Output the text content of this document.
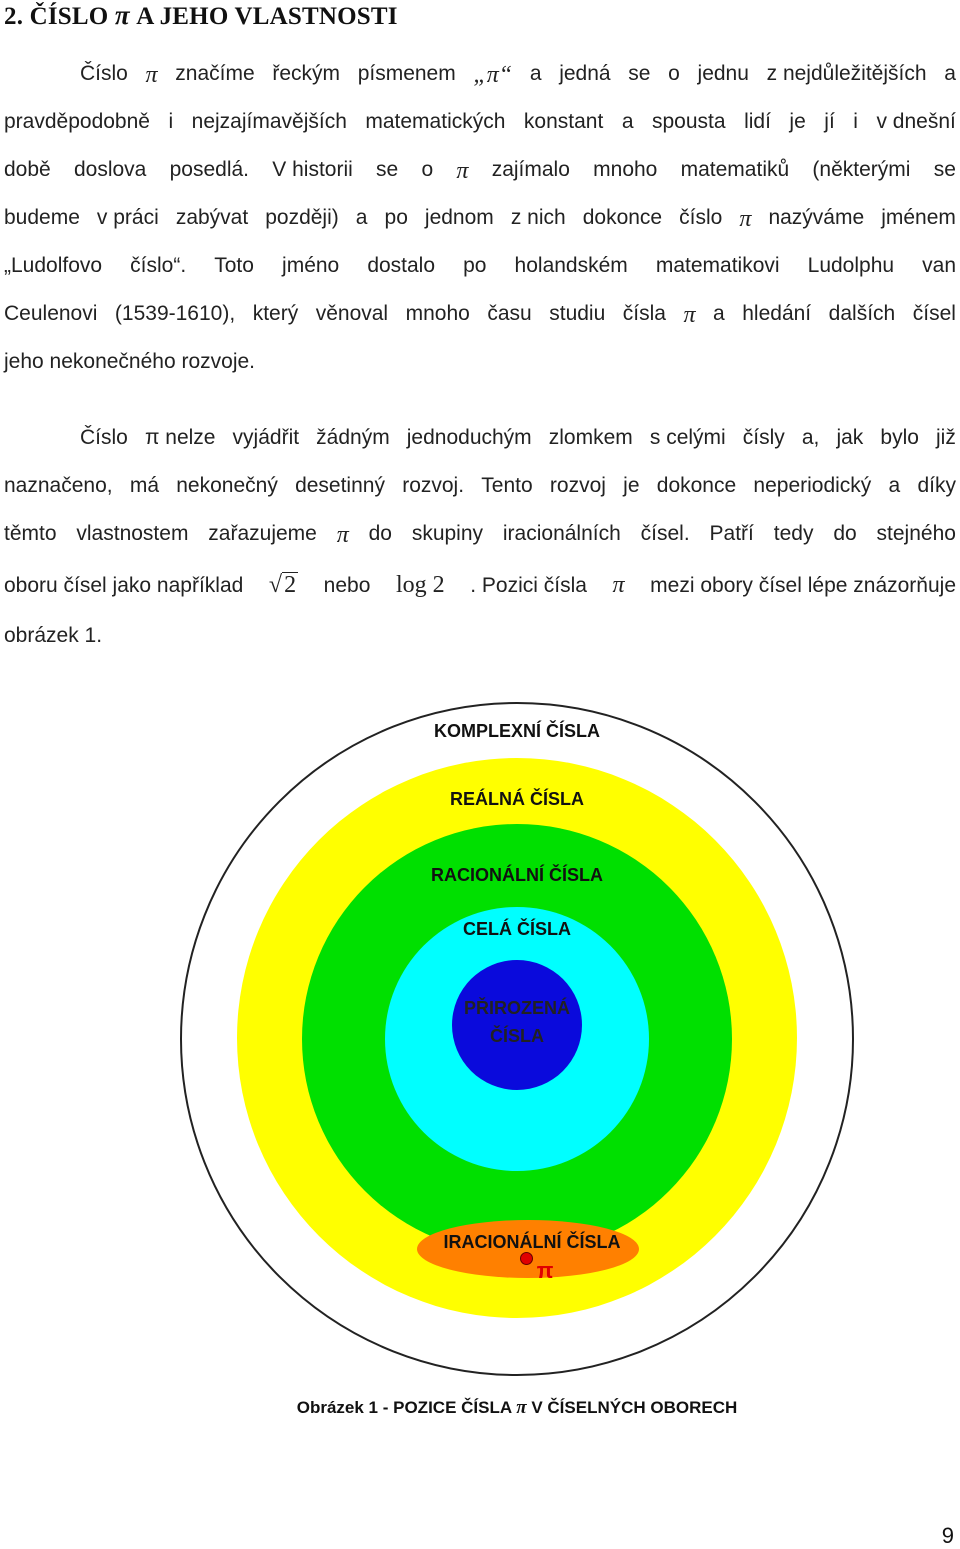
2. ČÍSLO π A JEHO VLASTNOSTI
Číslo π značíme řeckým písmenem „π“ a jedná se o jednu z nejdůležitějších a
pravděpodobně i nejzajímavějších matematických konstant a spousta lidí je jí i v dnešní
době doslova posedlá. V historii se o π zajímalo mnoho matematiků (některými se
budeme v práci zabývat později) a po jednom z nich dokonce číslo π nazýváme jménem
„Ludolfovo číslo“. Toto jméno dostalo po holandském matematikovi Ludolphu van
Ceulenovi (1539-1610), který věnoval mnoho času studiu čísla π a hledání dalších čísel
jeho nekonečného rozvoje.
Číslo π nelze vyjádřit žádným jednoduchým zlomkem s celými čísly a, jak bylo již
naznačeno, má nekonečný desetinný rozvoj. Tento rozvoj je dokonce neperiodický a díky
těmto vlastnostem zařazujeme π do skupiny iracionálních čísel. Patří tedy do stejného
oboru čísel jako například √2 nebo log 2 . Pozici čísla π mezi obory čísel lépe znázorňuje
obrázek 1.
KOMPLEXNÍ ČÍSLA
REÁLNÁ ČÍSLA
RACIONÁLNÍ ČÍSLA
CELÁ ČÍSLA
PŘIROZENÁ
ČÍSLA
IRACIONÁLNÍ ČÍSLA
π
Obrázek 1 - POZICE ČÍSLA π V ČÍSELNÝCH OBORECH
9
